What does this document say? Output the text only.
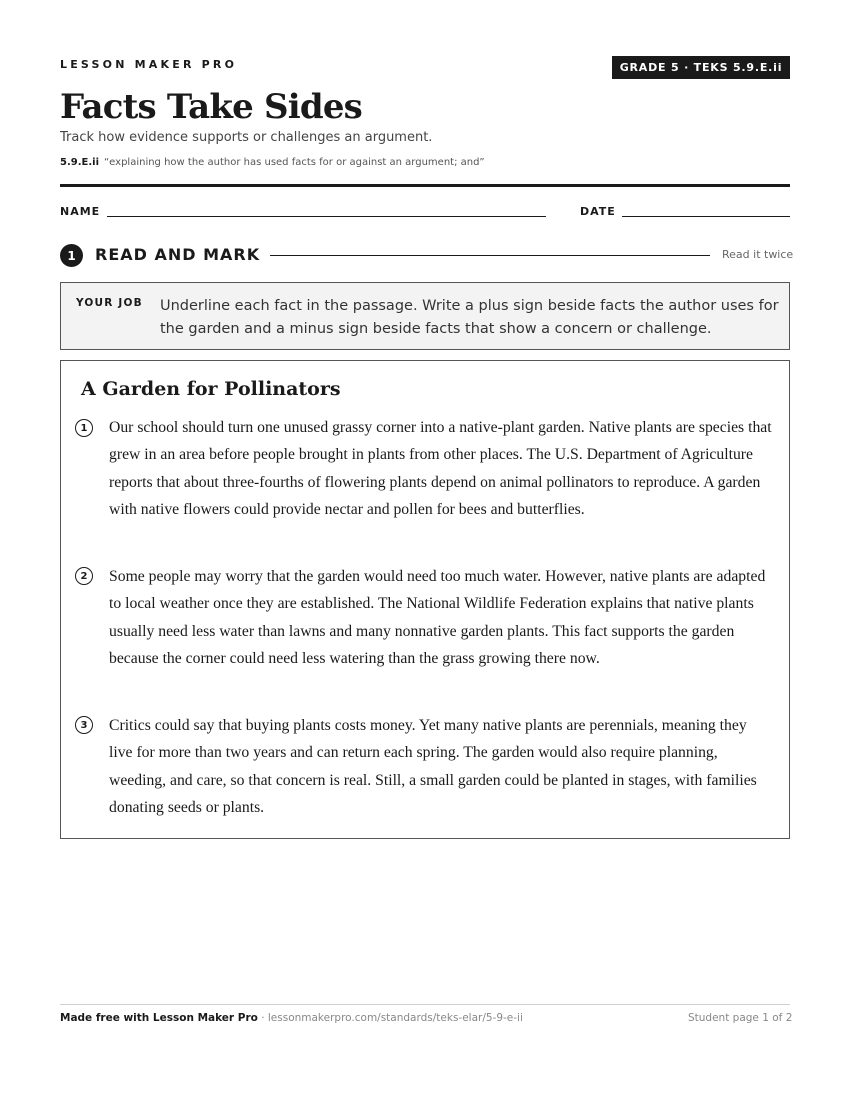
LESSON MAKER PRO	GRADE 5 · TEKS 5.9.E.ii
Facts Take Sides
Track how evidence supports or challenges an argument.
5.9.E.ii “explaining how the author has used facts for or against an argument; and”
NAME	DATE
1	READ AND MARK	Read it twice
YOUR JOB Underline each fact in the passage. Write a plus sign beside facts the author uses for the garden and a minus sign beside facts that show a concern or challenge.
A Garden for Pollinators
1	Our school should turn one unused grassy corner into a native-plant garden. Native plants are species that grew in an area before people brought in plants from other places. The U.S. Department of Agriculture reports that about three-fourths of flowering plants depend on animal pollinators to reproduce. A garden with native flowers could provide nectar and pollen for bees and butterflies.
2	Some people may worry that the garden would need too much water. However, native plants are adapted to local weather once they are established. The National Wildlife Federation explains that native plants usually need less water than lawns and many nonnative garden plants. This fact supports the garden because the corner could need less watering than the grass growing there now.
3	Critics could say that buying plants costs money. Yet many native plants are perennials, meaning they live for more than two years and can return each spring. The garden would also require planning, weeding, and care, so that concern is real. Still, a small garden could be planted in stages, with families donating seeds or plants.
Made free with Lesson Maker Pro · lessonmakerpro.com/standards/teks-elar/5-9-e-ii	Student page 1 of 2
